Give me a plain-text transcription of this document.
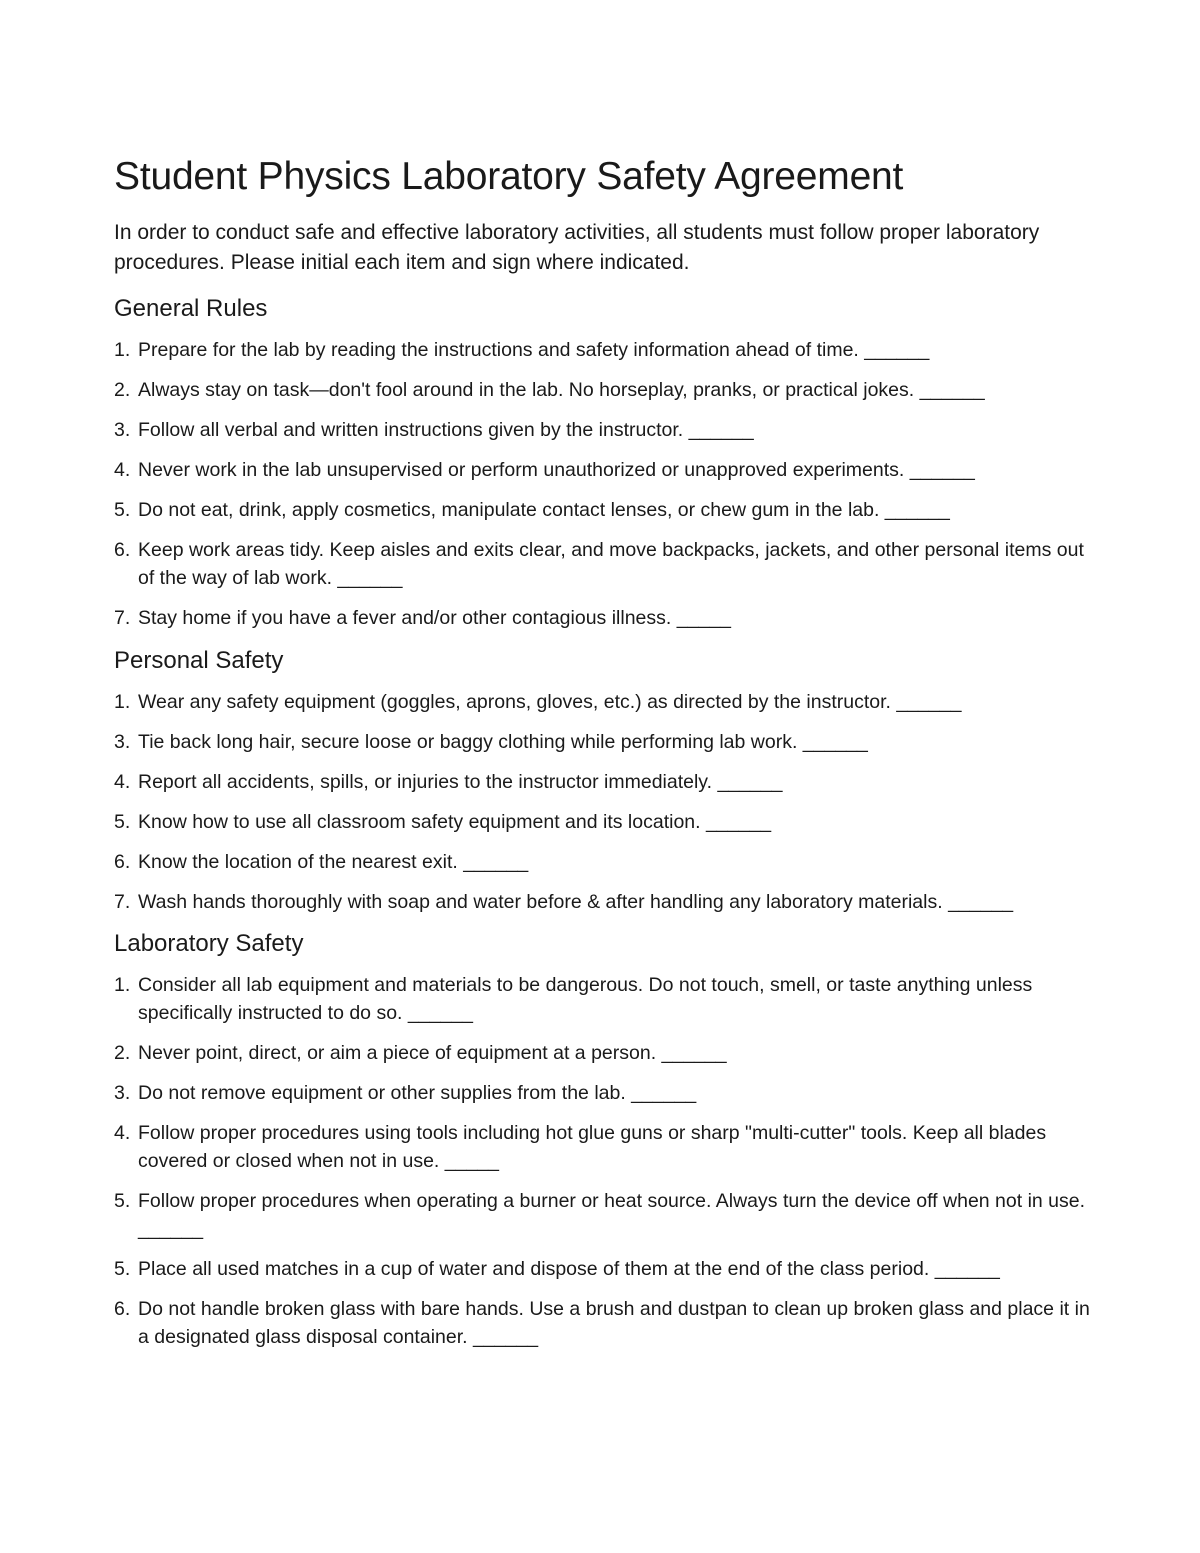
Student Physics Laboratory Safety Agreement

In order to conduct safe and effective laboratory activities, all students must follow proper laboratory procedures. Please initial each item and sign where indicated.

General Rules
1. Prepare for the lab by reading the instructions and safety information ahead of time. ______
2. Always stay on task—don't fool around in the lab. No horseplay, pranks, or practical jokes. ______
3. Follow all verbal and written instructions given by the instructor. ______
4. Never work in the lab unsupervised or perform unauthorized or unapproved experiments. ______
5. Do not eat, drink, apply cosmetics, manipulate contact lenses, or chew gum in the lab. ______
6. Keep work areas tidy. Keep aisles and exits clear, and move backpacks, jackets, and other personal items out of the way of lab work. ______
7. Stay home if you have a fever and/or other contagious illness. _____
Personal Safety
1. Wear any safety equipment (goggles, aprons, gloves, etc.) as directed by the instructor. ______
3. Tie back long hair, secure loose or baggy clothing while performing lab work. ______
4. Report all accidents, spills, or injuries to the instructor immediately. ______
5. Know how to use all classroom safety equipment and its location. ______
6. Know the location of the nearest exit. ______
7. Wash hands thoroughly with soap and water before & after handling any laboratory materials. ______
Laboratory Safety
1. Consider all lab equipment and materials to be dangerous. Do not touch, smell, or taste anything unless specifically instructed to do so. ______
2. Never point, direct, or aim a piece of equipment at a person. ______
3. Do not remove equipment or other supplies from the lab. ______
4. Follow proper procedures using tools including hot glue guns or sharp "multi-cutter" tools. Keep all blades covered or closed when not in use. _____
5. Follow proper procedures when operating a burner or heat source. Always turn the device off when not in use. ______
5. Place all used matches in a cup of water and dispose of them at the end of the class period. ______
6. Do not handle broken glass with bare hands. Use a brush and dustpan to clean up broken glass and place it in a designated glass disposal container. ______
